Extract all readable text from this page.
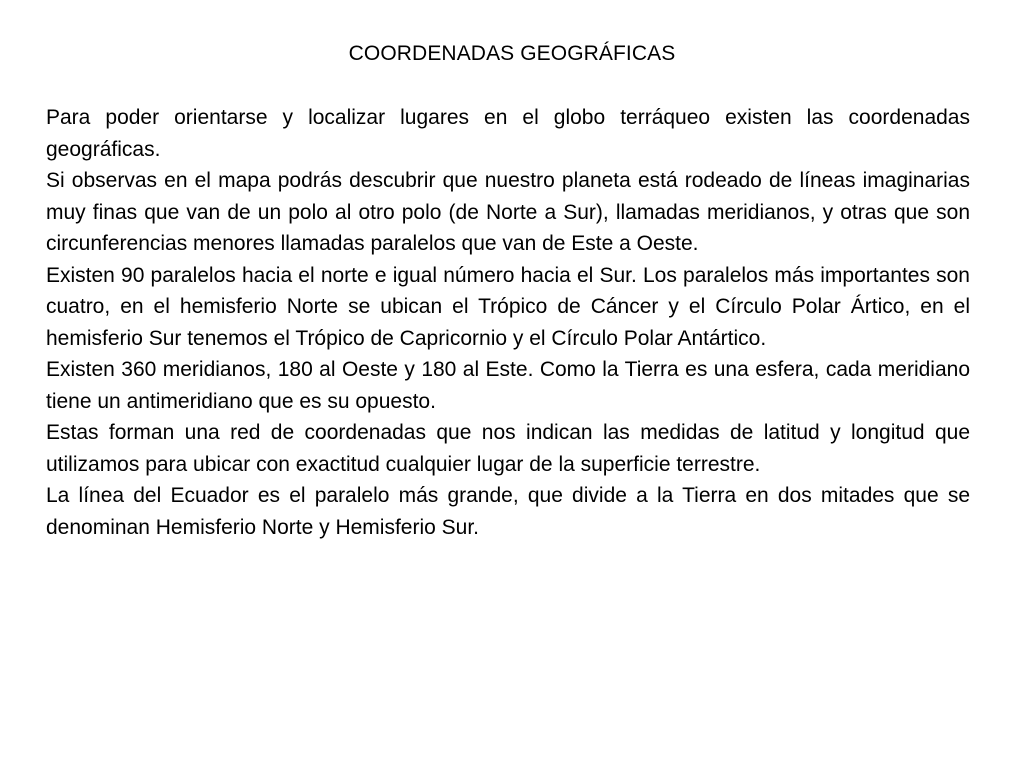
COORDENADAS GEOGRÁFICAS

Para poder orientarse y localizar lugares en el globo terráqueo existen las coordenadas geográficas.

Si observas en el mapa podrás descubrir que nuestro planeta está rodeado de líneas imaginarias muy finas que van de un polo al otro polo (de Norte a Sur), llamadas meridianos, y otras que son circunferencias menores llamadas paralelos que van de Este a Oeste.

Existen 90 paralelos hacia el norte e igual número hacia el Sur. Los paralelos más importantes son cuatro, en el hemisferio Norte se ubican el Trópico de Cáncer y el Círculo Polar Ártico, en el hemisferio Sur tenemos el Trópico de Capricornio y el Círculo Polar Antártico.

Existen 360 meridianos, 180 al Oeste y 180 al Este. Como la Tierra es una esfera, cada meridiano tiene un antimeridiano que es su opuesto.

Estas forman una red de coordenadas que nos indican las medidas de latitud y longitud que utilizamos para ubicar con exactitud cualquier lugar de la superficie terrestre.

La línea del Ecuador es el paralelo más grande, que divide a la Tierra en dos mitades que se denominan Hemisferio Norte y Hemisferio Sur.
